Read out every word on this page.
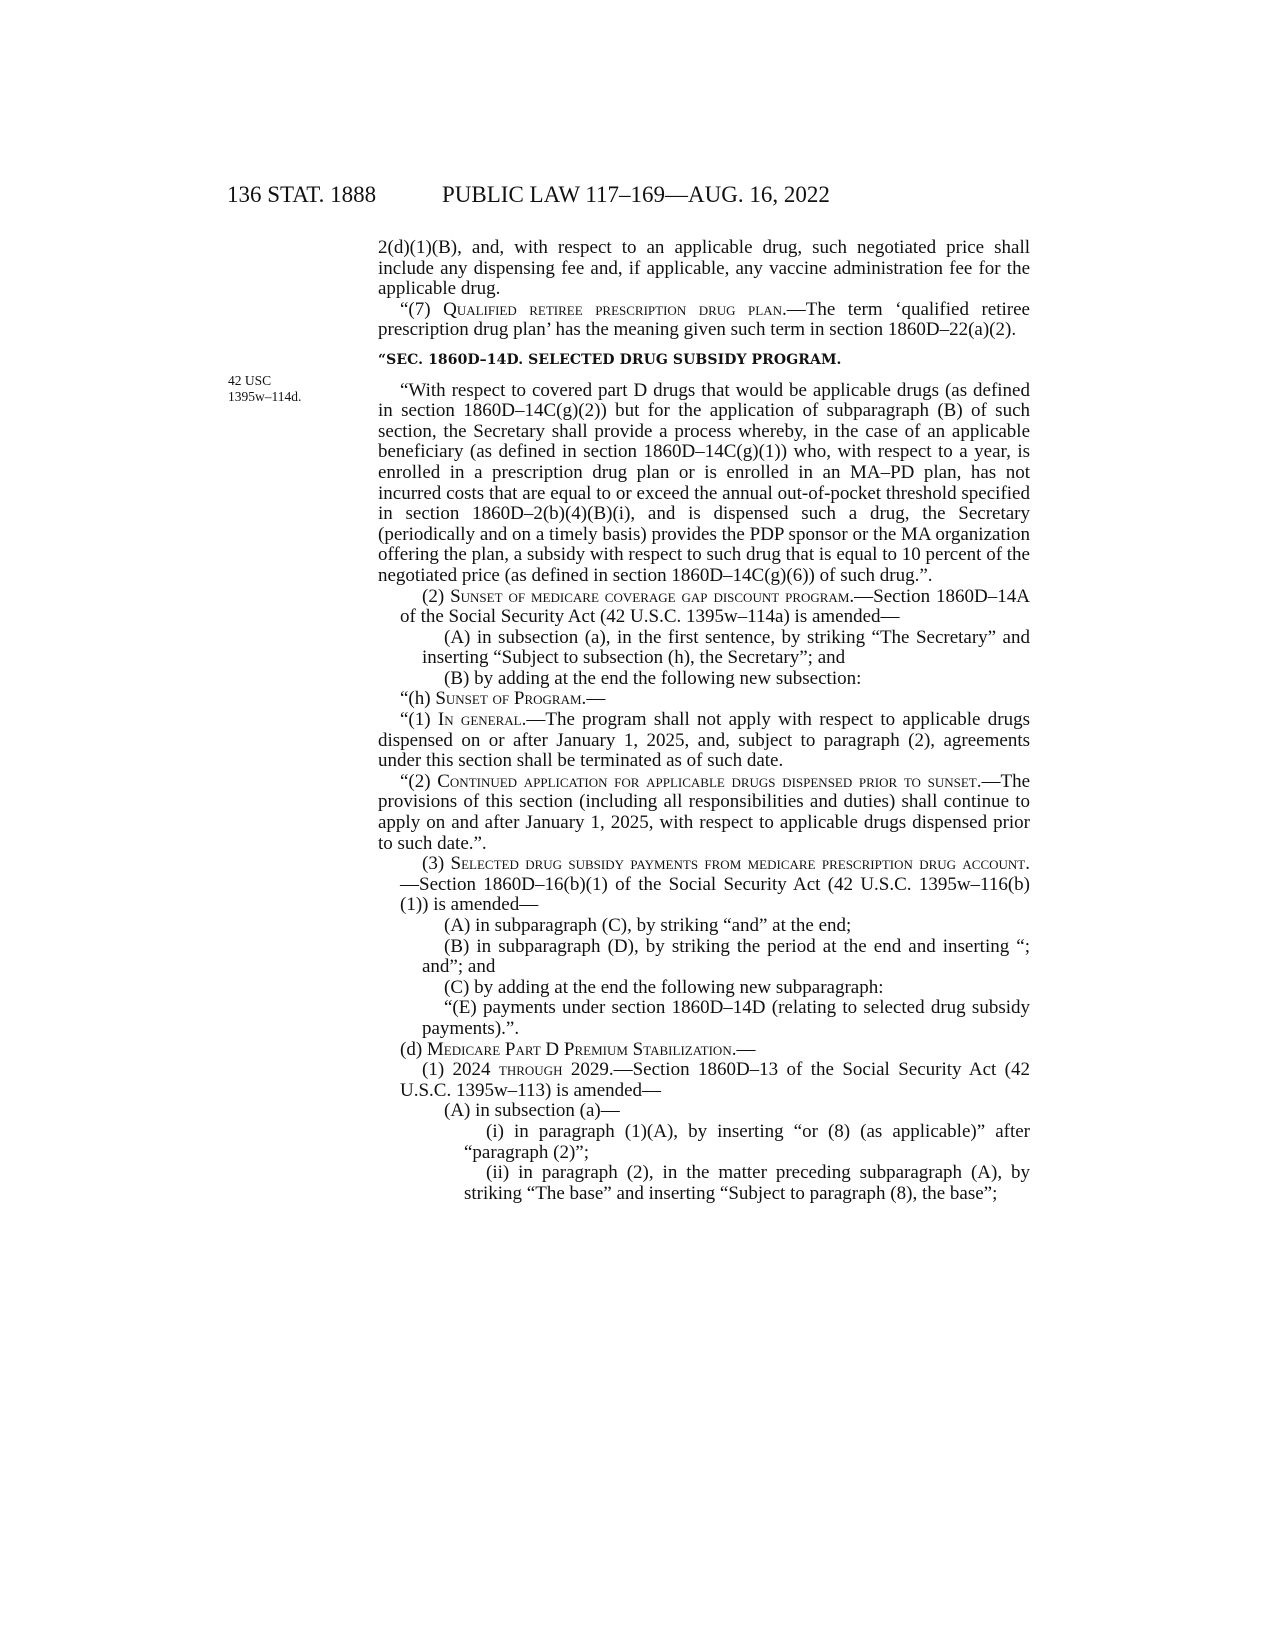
136 STAT. 1888	PUBLIC LAW 117–169—AUG. 16, 2022
42 USC
1395w–114d.

2(d)(1)(B), and, with respect to an applicable drug, such negotiated price shall include any dispensing fee and, if applicable, any vaccine administration fee for the applicable drug.

“(7) Qualified retiree prescription drug plan.—The term ‘qualified retiree prescription drug plan’ has the meaning given such term in section 1860D–22(a)(2).

“SEC. 1860D–14D. SELECTED DRUG SUBSIDY PROGRAM.

“With respect to covered part D drugs that would be applicable drugs (as defined in section 1860D–14C(g)(2)) but for the application of subparagraph (B) of such section, the Secretary shall provide a process whereby, in the case of an applicable beneficiary (as defined in section 1860D–14C(g)(1)) who, with respect to a year, is enrolled in a prescription drug plan or is enrolled in an MA–PD plan, has not incurred costs that are equal to or exceed the annual out-of-pocket threshold specified in section 1860D–2(b)(4)(B)(i), and is dispensed such a drug, the Secretary (periodically and on a timely basis) provides the PDP sponsor or the MA organization offering the plan, a subsidy with respect to such drug that is equal to 10 percent of the negotiated price (as defined in section 1860D–14C(g)(6)) of such drug.”.

(2) Sunset of medicare coverage gap discount program.—Section 1860D–14A of the Social Security Act (42 U.S.C. 1395w–114a) is amended—

(A) in subsection (a), in the first sentence, by striking “The Secretary” and inserting “Subject to subsection (h), the Secretary”; and

(B) by adding at the end the following new subsection:

“(h) Sunset of Program.—

“(1) In general.—The program shall not apply with respect to applicable drugs dispensed on or after January 1, 2025, and, subject to paragraph (2), agreements under this section shall be terminated as of such date.

“(2) Continued application for applicable drugs dispensed prior to sunset.—The provisions of this section (including all responsibilities and duties) shall continue to apply on and after January 1, 2025, with respect to applicable drugs dispensed prior to such date.”.

(3) Selected drug subsidy payments from medicare prescription drug account.—Section 1860D–16(b)(1) of the Social Security Act (42 U.S.C. 1395w–116(b)(1)) is amended—

(A) in subparagraph (C), by striking “and” at the end;

(B) in subparagraph (D), by striking the period at the end and inserting “; and”; and

(C) by adding at the end the following new subparagraph:

“(E) payments under section 1860D–14D (relating to selected drug subsidy payments).”.

(d) Medicare Part D Premium Stabilization.—

(1) 2024 through 2029.—Section 1860D–13 of the Social Security Act (42 U.S.C. 1395w–113) is amended—

(A) in subsection (a)—

(i) in paragraph (1)(A), by inserting “or (8) (as applicable)” after “paragraph (2)”;

(ii) in paragraph (2), in the matter preceding subparagraph (A), by striking “The base” and inserting “Subject to paragraph (8), the base”;
